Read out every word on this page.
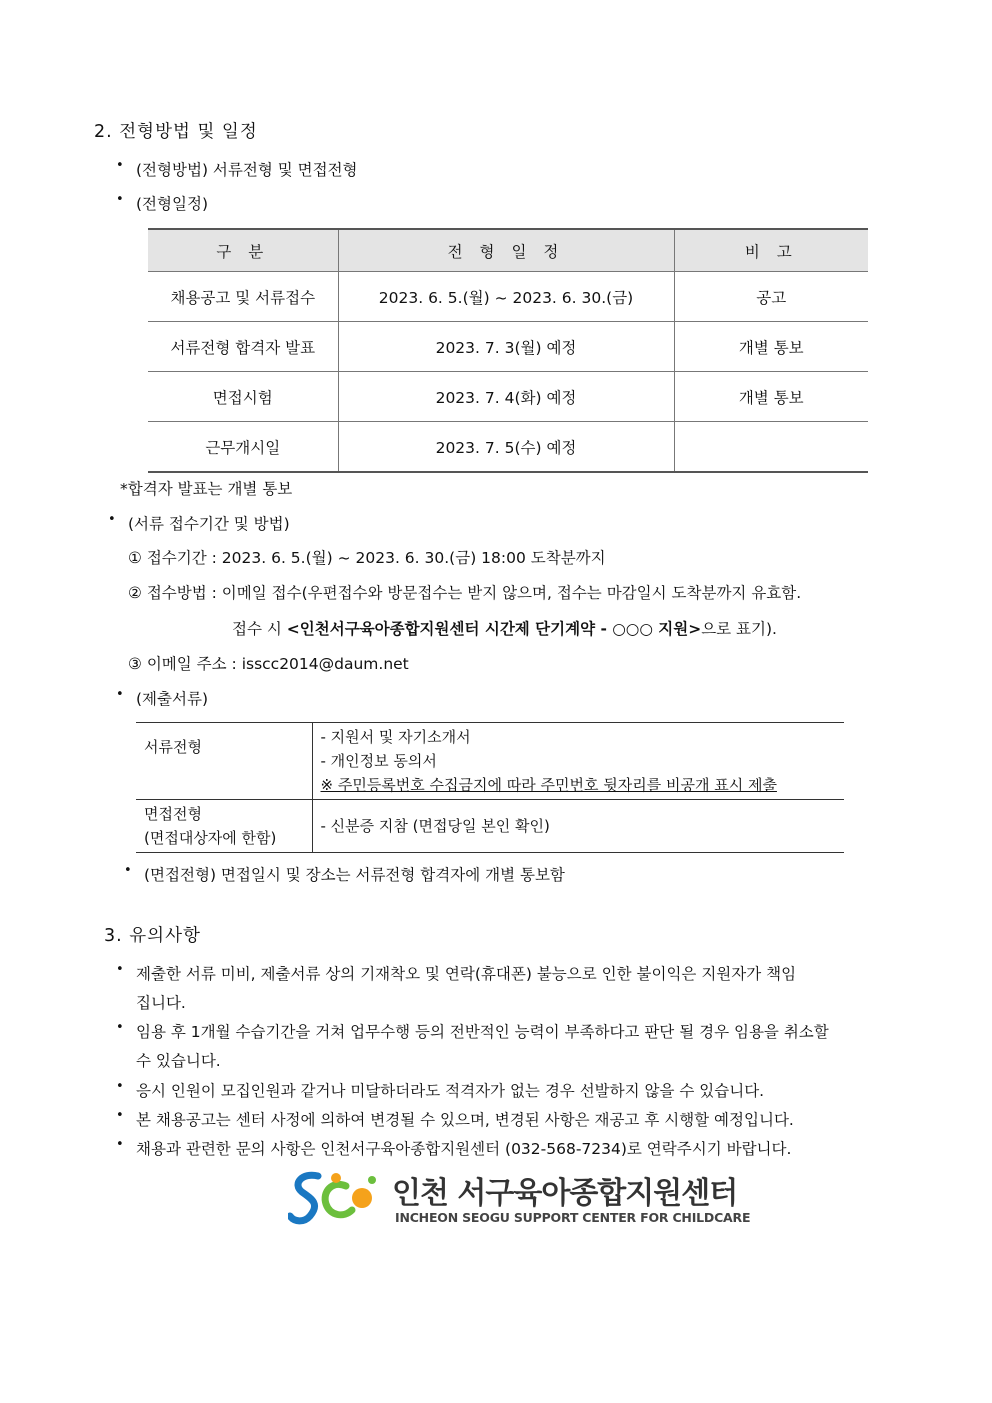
2. 전형방법 및 일정
• (전형방법) 서류전형 및 면접전형
• (전형일정)
구 분	전 형 일 정	비 고
채용공고 및 서류접수	2023. 6. 5.(월) ~ 2023. 6. 30.(금)	공고
서류전형 합격자 발표	2023. 7. 3(월) 예정	개별 통보
면접시험	2023. 7. 4(화) 예정	개별 통보
근무개시일	2023. 7. 5(수) 예정	
*합격자 발표는 개별 통보
• (서류 접수기간 및 방법)
① 접수기간 : 2023. 6. 5.(월) ~ 2023. 6. 30.(금) 18:00 도착분까지
② 접수방법 : 이메일 접수(우편접수와 방문접수는 받지 않으며, 접수는 마감일시 도착분까지 유효함.
접수 시 <인천서구육아종합지원센터 시간제 단기계약 - ○○○ 지원>으로 표기).
③ 이메일 주소 : isscc2014@daum.net
• (제출서류)
서류전형	- 지원서 및 자기소개서
- 개인정보 동의서
※ 주민등록번호 수집금지에 따라 주민번호 뒷자리를 비공개 표시 제출

면접전형
(면접대상자에 한함)	- 신분증 지참 (면접당일 본인 확인)
• (면접전형) 면접일시 및 장소는 서류전형 합격자에 개별 통보함
3. 유의사항
• 제출한 서류 미비, 제출서류 상의 기재착오 및 연락(휴대폰) 불능으로 인한 불이익은 지원자가 책임
집니다.
• 임용 후 1개월 수습기간을 거쳐 업무수행 등의 전반적인 능력이 부족하다고 판단 될 경우 임용을 취소할
수 있습니다.
• 응시 인원이 모집인원과 같거나 미달하더라도 적격자가 없는 경우 선발하지 않을 수 있습니다.
• 본 채용공고는 센터 사정에 의하여 변경될 수 있으며, 변경된 사항은 재공고 후 시행할 예정입니다.
• 채용과 관련한 문의 사항은 인천서구육아종합지원센터 (032-568-7234)로 연락주시기 바랍니다.
인천 서구육아종합지원센터
INCHEON SEOGU SUPPORT CENTER FOR CHILDCARE
